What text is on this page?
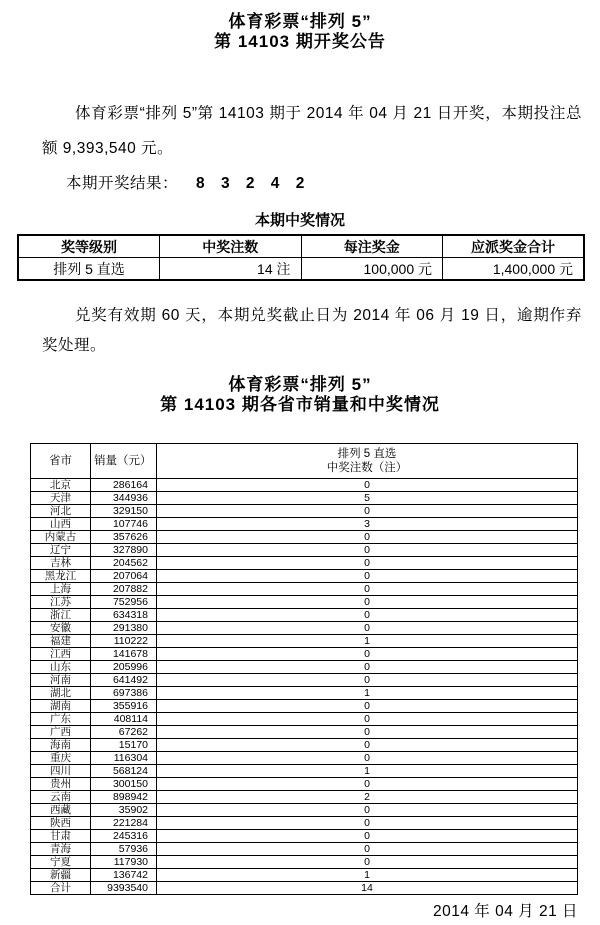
体育彩票“排列 5”
第 14103 期开奖公告

体育彩票“排列 5”第 14103 期于 2014 年 04 月 21 日开奖，本期投注总额 9,393,540 元。

本期开奖结果： 8 3 2 4 2

本期中奖情况
奖等级别	中奖注数	每注奖金	应派奖金合计
排列 5 直选	14 注	100,000 元	1,400,000 元

兑奖有效期 60 天，本期兑奖截止日为 2014 年 06 月 19 日，逾期作弃奖处理。

体育彩票“排列 5”
第 14103 期各省市销量和中奖情况
省市	销量（元）	排列 5 直选
中奖注数（注）

北京	286164	0
天津	344936	5
河北	329150	0
山西	107746	3
内蒙古	357626	0
辽宁	327890	0
吉林	204562	0
黑龙江	207064	0
上海	207882	0
江苏	752956	0
浙江	634318	0
安徽	291380	0
福建	110222	1
江西	141678	0
山东	205996	0
河南	641492	0
湖北	697386	1
湖南	355916	0
广东	408114	0
广西	67262	0
海南	15170	0
重庆	116304	0
四川	568124	1
贵州	300150	0
云南	898942	2
西藏	35902	0
陕西	221284	0
甘肃	245316	0
青海	57936	0
宁夏	117930	0
新疆	136742	1
合计	9393540	14
2014 年 04 月 21 日
